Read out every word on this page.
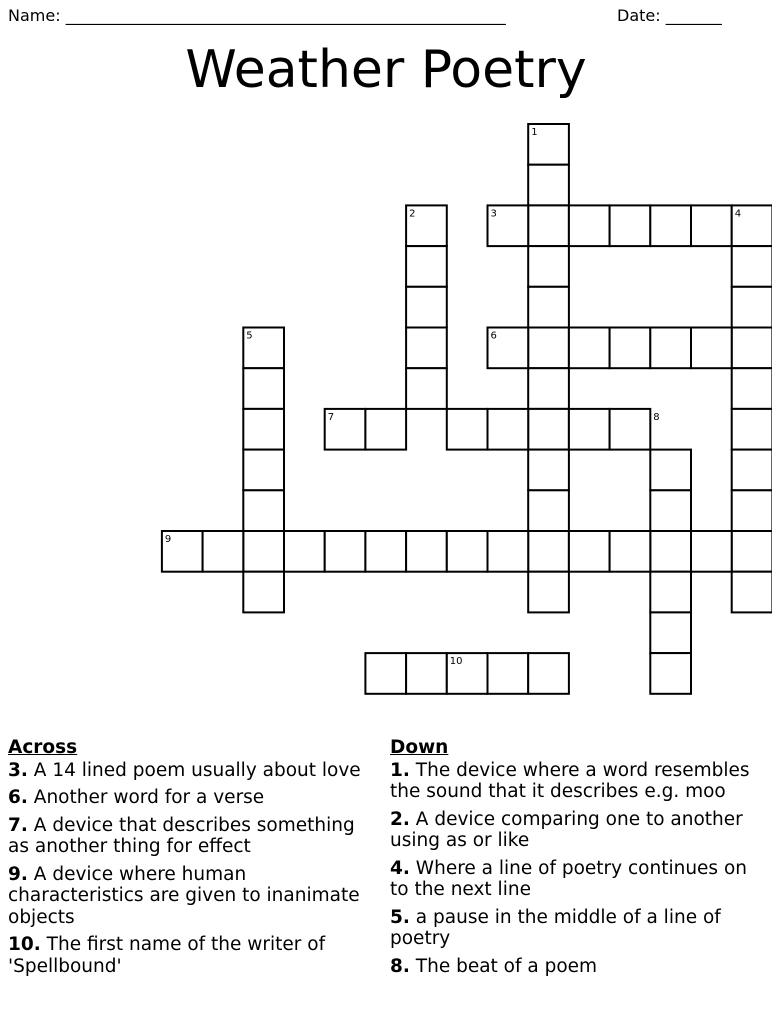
Name: _______________________________________________________	Date: _______
Weather Poetry
1
2	3	4
5	6
7	8
9
10
Across
3. A 14 lined poem usually about love
6. Another word for a verse
7. A device that describes something as another thing for effect
9. A device where human characteristics are given to inanimate objects
10. The first name of the writer of 'Spellbound'
Down
1. The device where a word resembles the sound that it describes e.g. moo
2. A device comparing one to another using as or like
4. Where a line of poetry continues on to the next line
5. a pause in the middle of a line of poetry
8. The beat of a poem
